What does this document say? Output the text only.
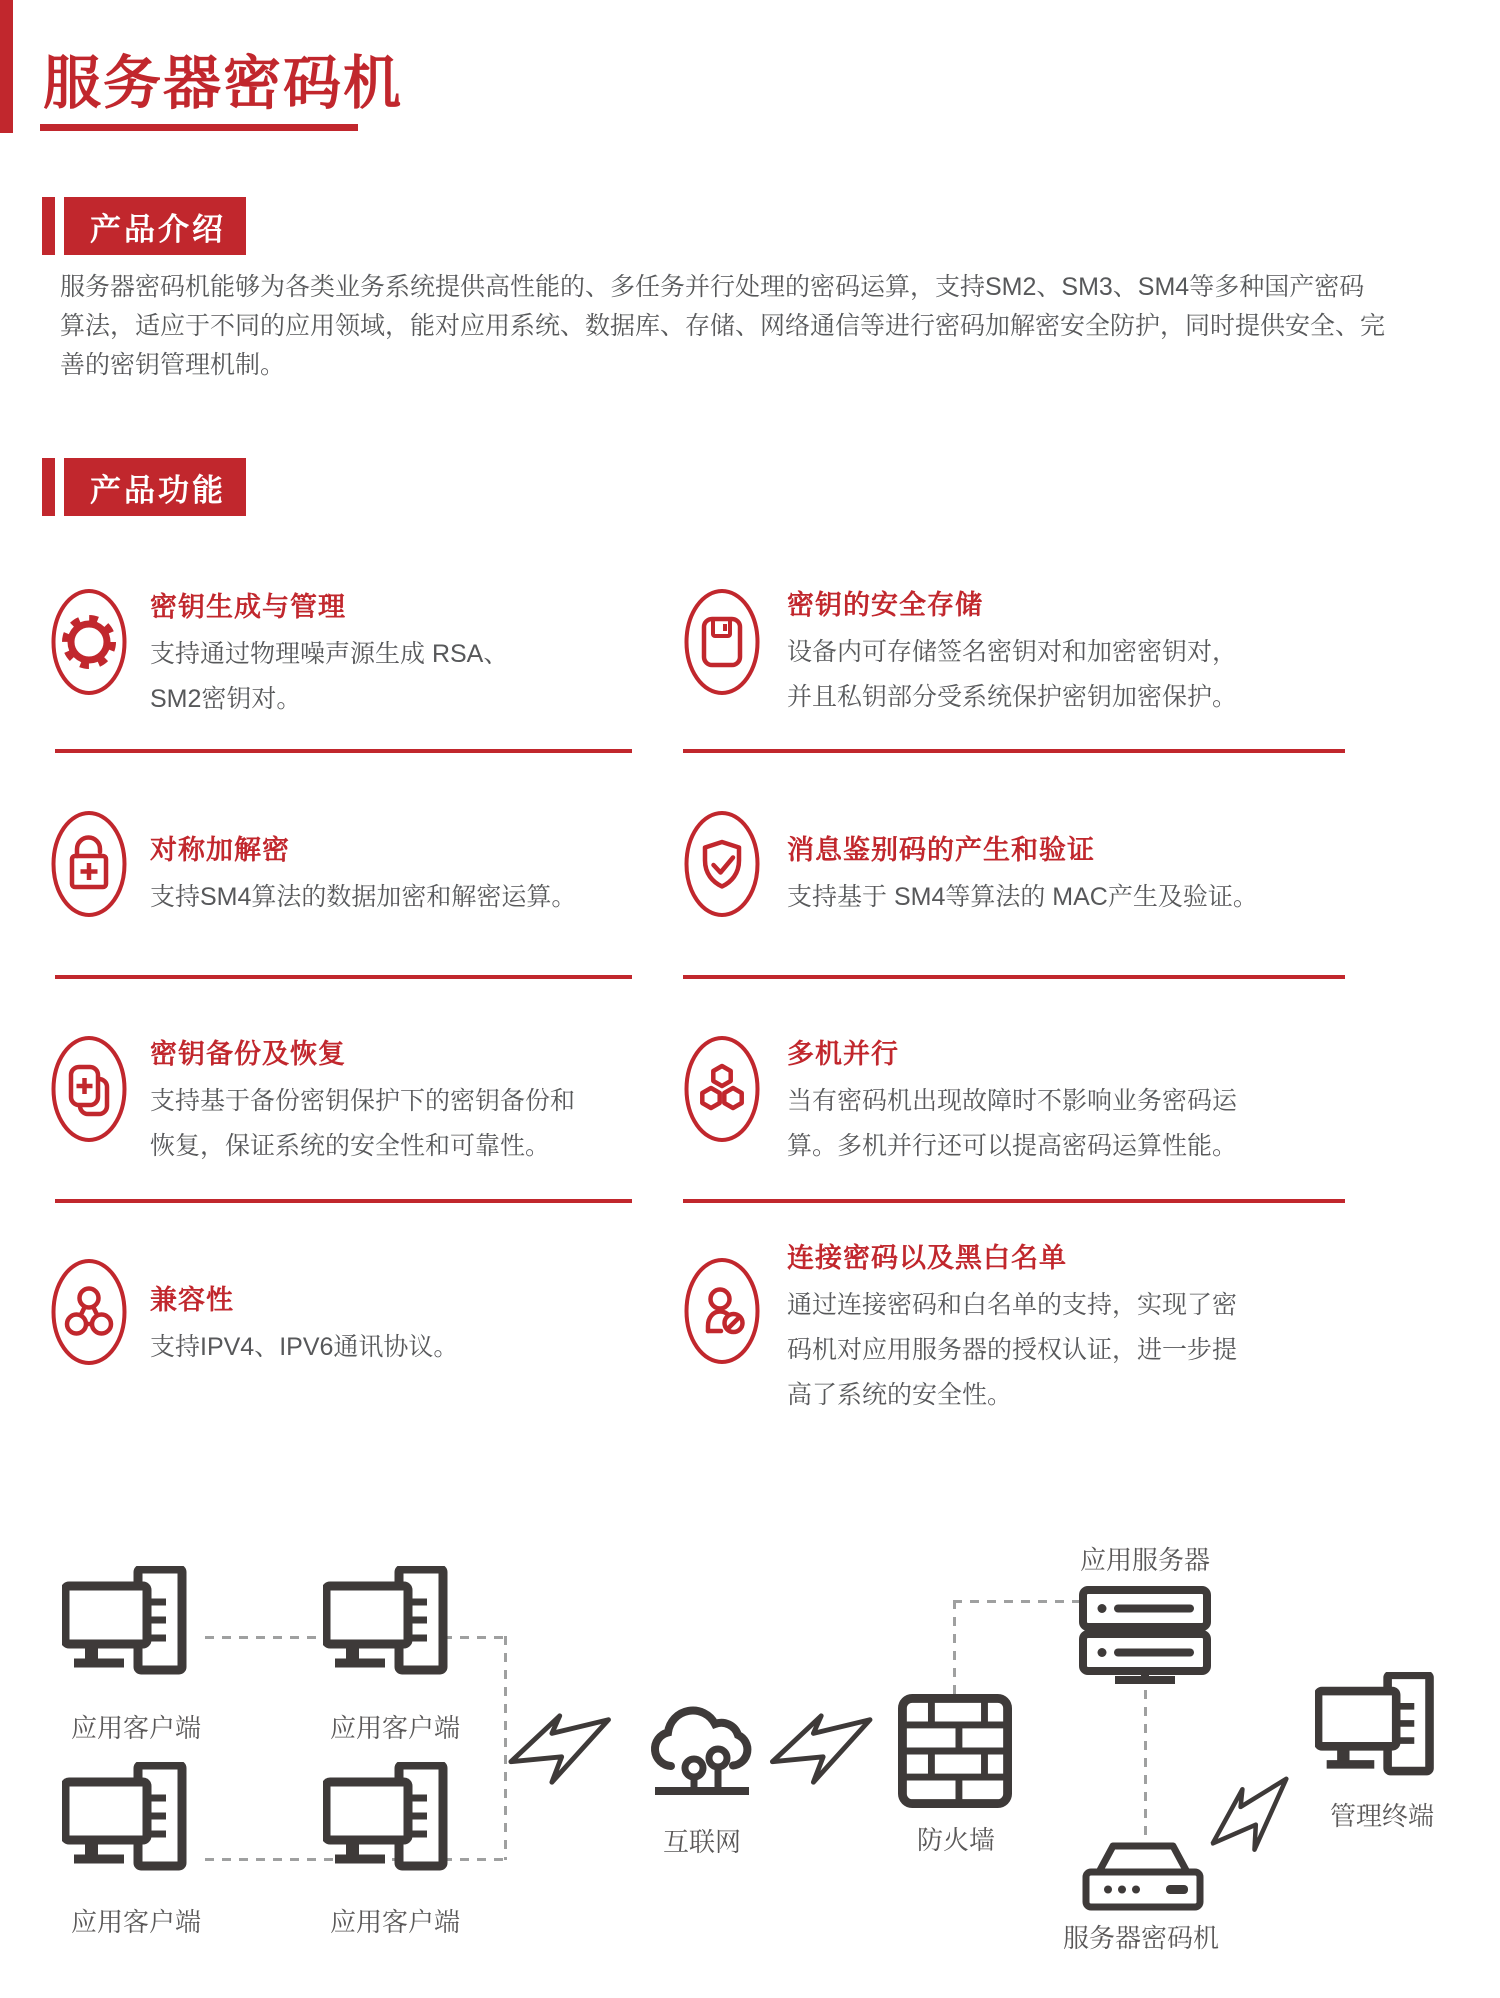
服务器密码机
产品介绍
服务器密码机能够为各类业务系统提供高性能的、多任务并行处理的密码运算，支持SM2、SM3、SM4等多种国产密码
算法，适应于不同的应用领域，能对应用系统、数据库、存储、网络通信等进行密码加解密安全防护，同时提供安全、完
善的密钥管理机制。
产品功能
密钥生成与管理
支持通过物理噪声源生成 RSA、
SM2密钥对。
密钥的安全存储
设备内可存储签名密钥对和加密密钥对，
并且私钥部分受系统保护密钥加密保护。
对称加解密
支持SM4算法的数据加密和解密运算。
消息鉴别码的产生和验证
支持基于 SM4等算法的 MAC产生及验证。
密钥备份及恢复
支持基于备份密钥保护下的密钥备份和
恢复，保证系统的安全性和可靠性。
多机并行
当有密码机出现故障时不影响业务密码运
算。多机并行还可以提高密码运算性能。
兼容性
支持IPV4、IPV6通讯协议。
连接密码以及黑白名单
通过连接密码和白名单的支持，实现了密
码机对应用服务器的授权认证，进一步提
高了系统的安全性。
应用客户端	应用客户端
应用客户端	应用客户端
互联网	防火墙
应用服务器
服务器密码机
管理终端
